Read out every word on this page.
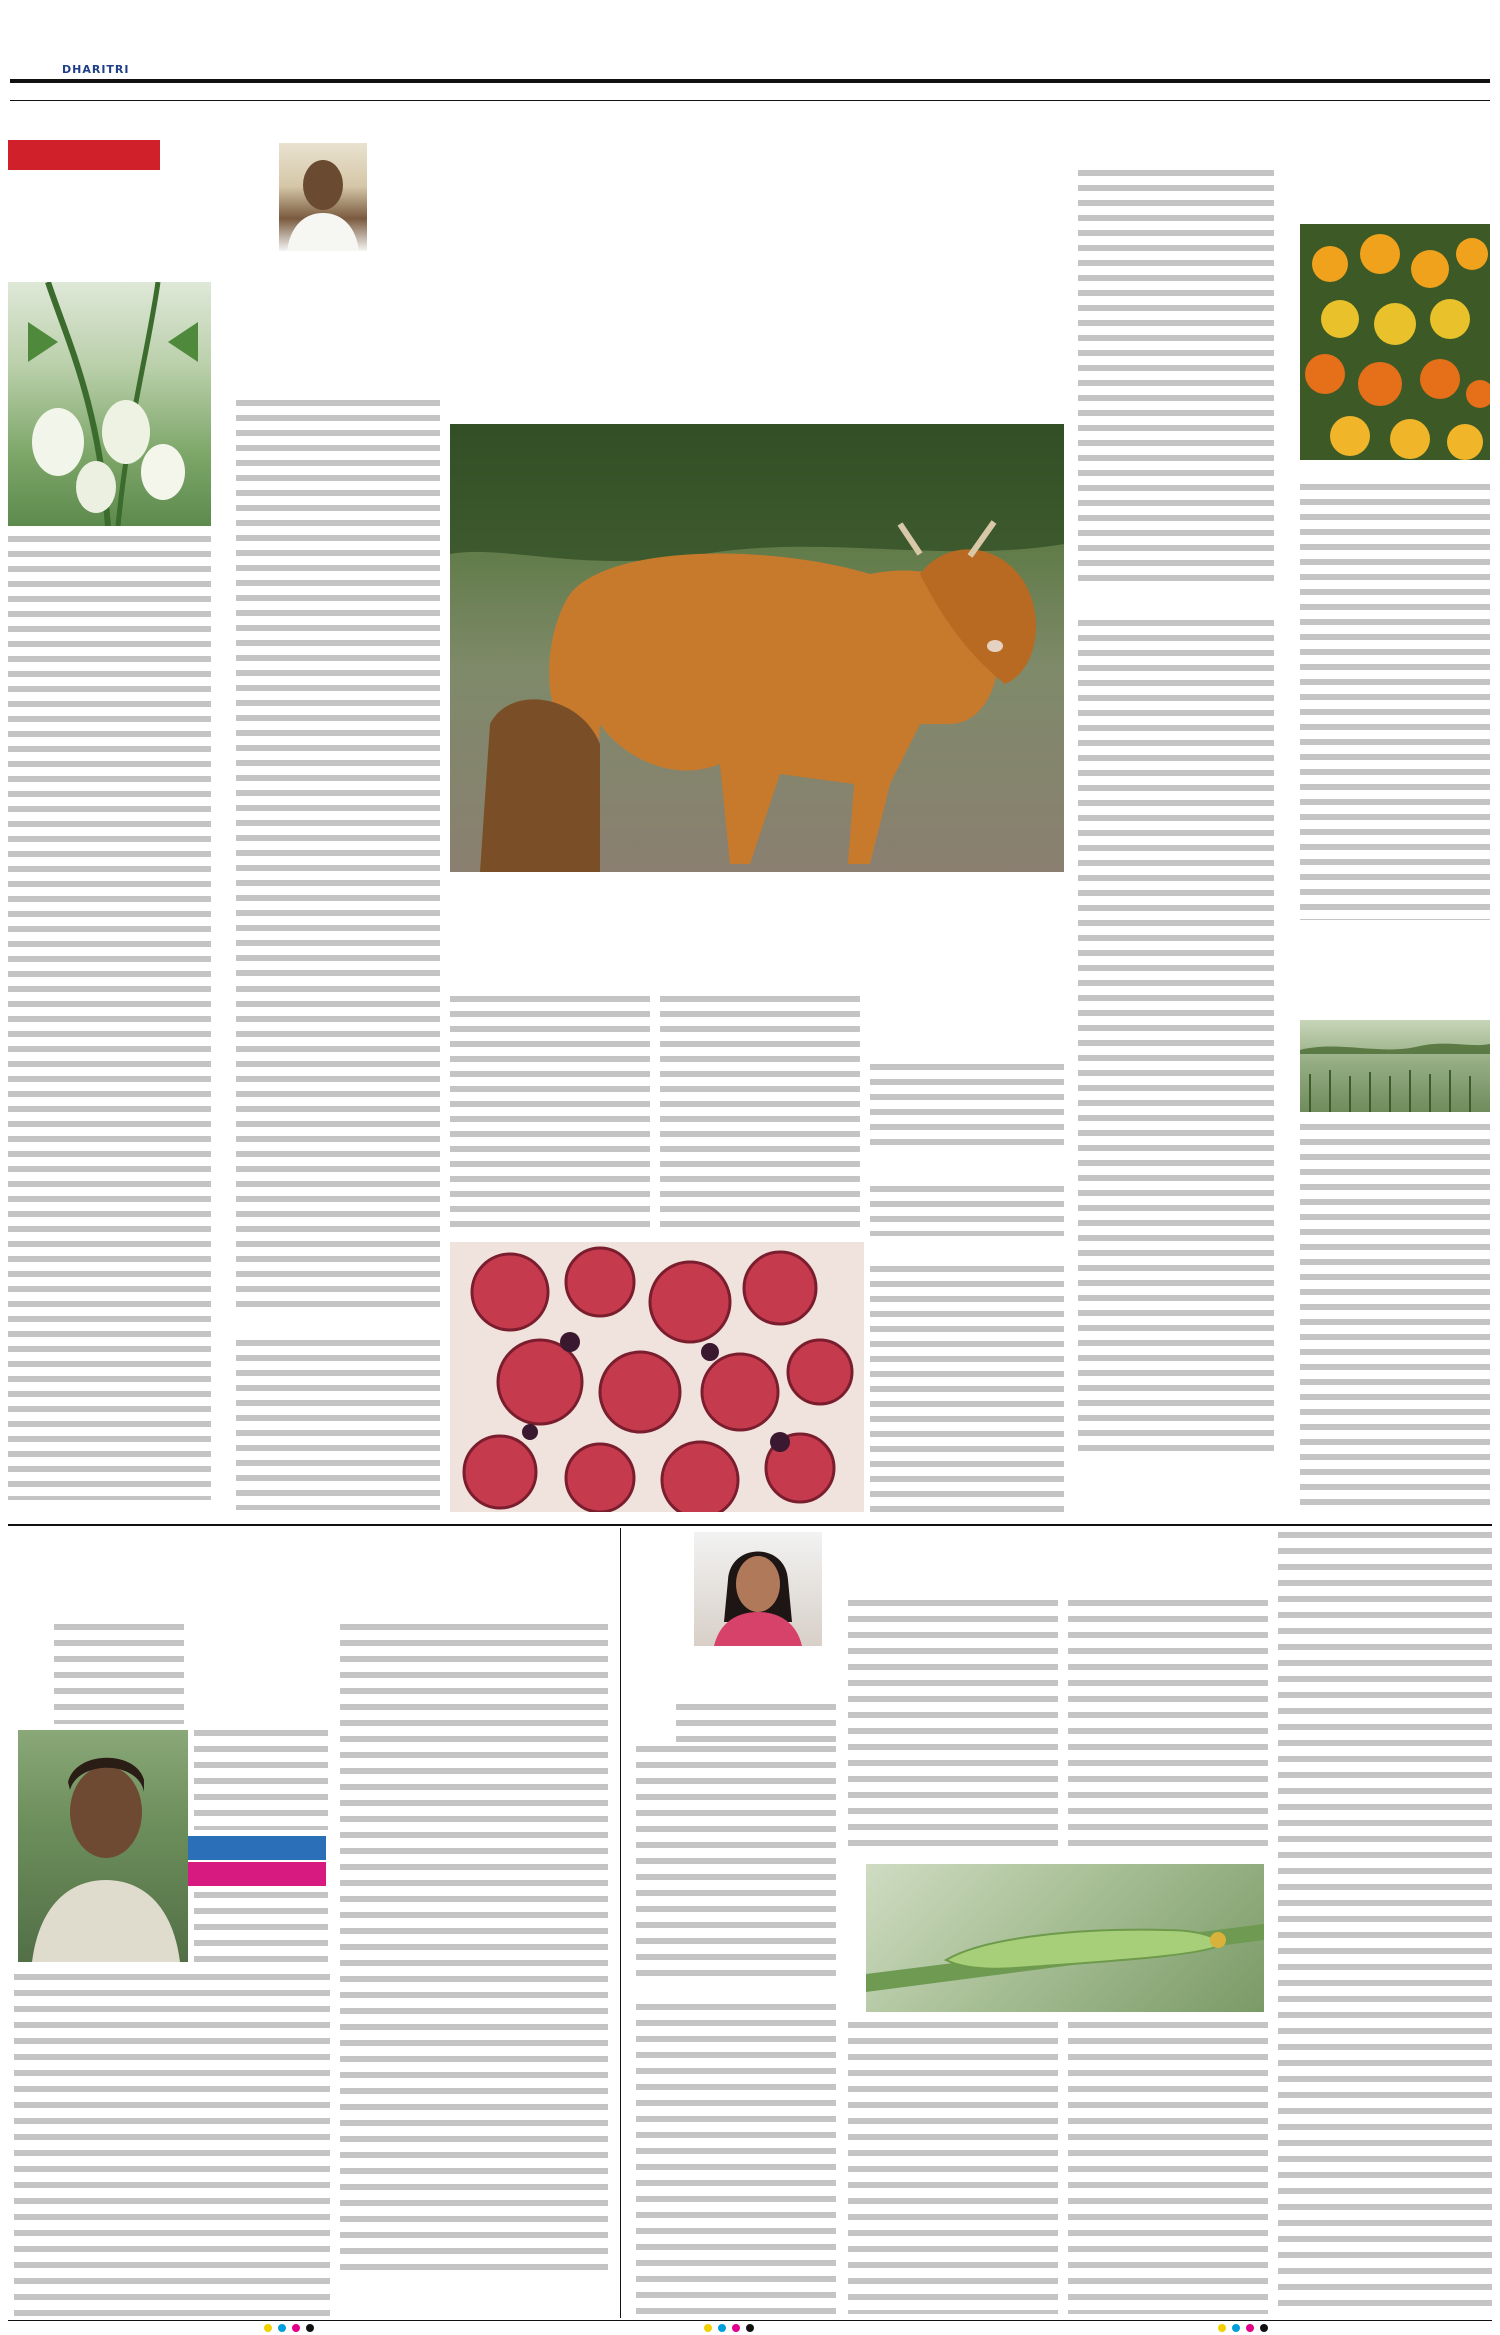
DHARITRI
